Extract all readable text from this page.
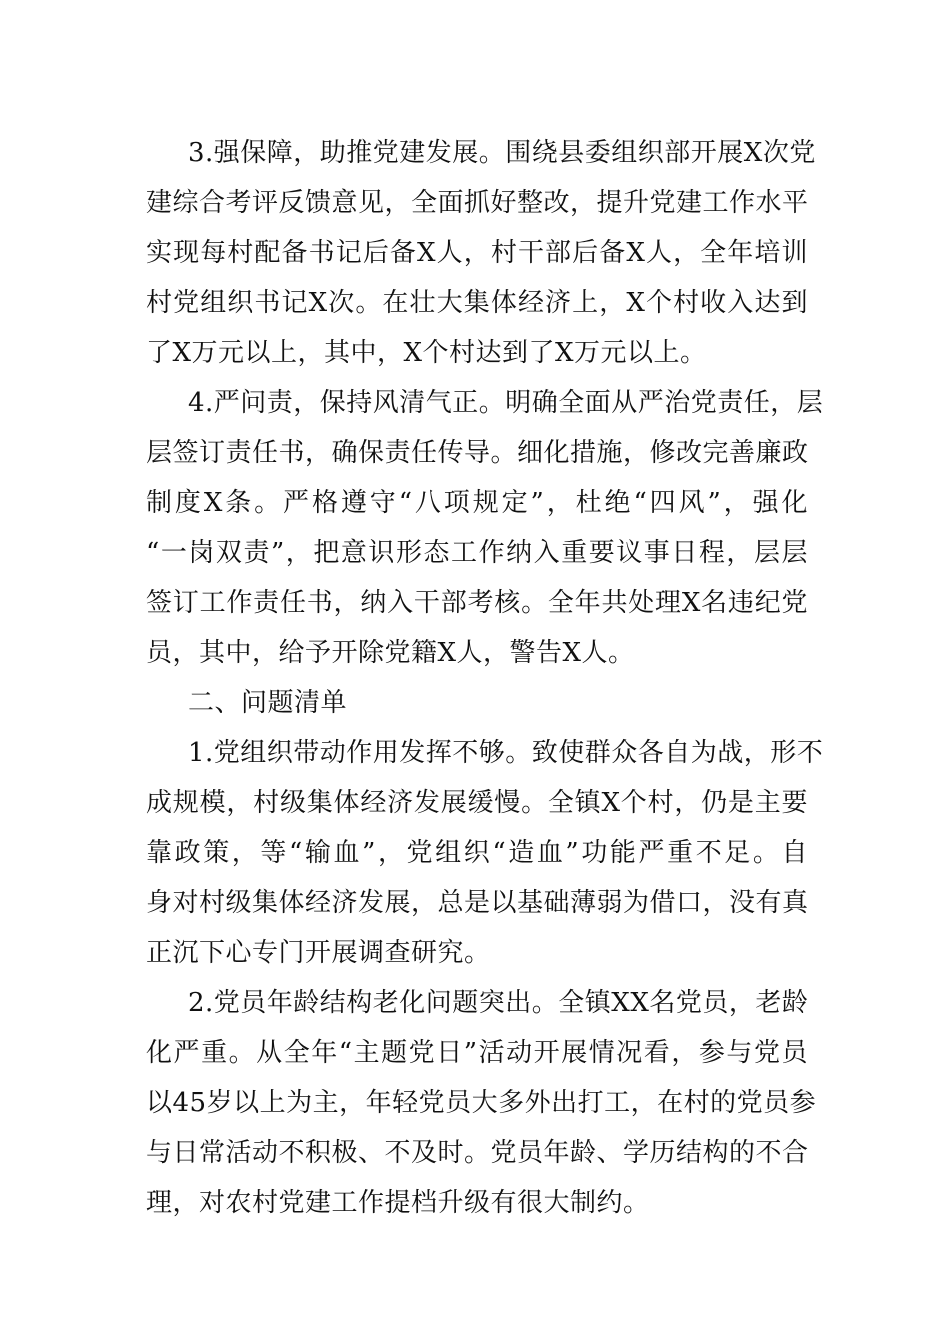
3.强保障，助推党建发展。围绕县委组织部开展X次党
建综合考评反馈意见，全面抓好整改，提升党建工作水平
实现每村配备书记后备X人，村干部后备X人，全年培训
村党组织书记X次。在壮大集体经济上，X个村收入达到
了X万元以上，其中，X个村达到了X万元以上。
4.严问责，保持风清气正。明确全面从严治党责任，层
层签订责任书，确保责任传导。细化措施，修改完善廉政
制度X条。严格遵守“八项规定”，杜绝“四风”，强化
“一岗双责”，把意识形态工作纳入重要议事日程，层层
签订工作责任书，纳入干部考核。全年共处理X名违纪党
员，其中，给予开除党籍X人，警告X人。
二、问题清单
1.党组织带动作用发挥不够。致使群众各自为战，形不
成规模，村级集体经济发展缓慢。全镇X个村，仍是主要
靠政策，等“输血”，党组织“造血”功能严重不足。自
身对村级集体经济发展，总是以基础薄弱为借口，没有真
正沉下心专门开展调查研究。
2.党员年龄结构老化问题突出。全镇XX名党员，老龄
化严重。从全年“主题党日”活动开展情况看，参与党员
以45岁以上为主，年轻党员大多外出打工，在村的党员参
与日常活动不积极、不及时。党员年龄、学历结构的不合
理，对农村党建工作提档升级有很大制约。
